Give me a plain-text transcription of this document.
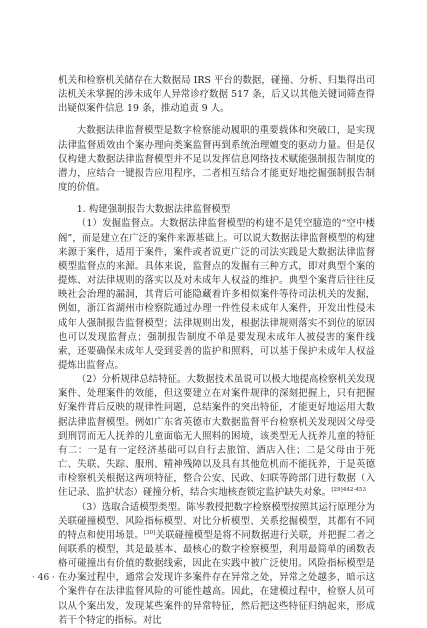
机关和检察机关储存在大数据局 IRS 平台的数据，碰撞、分析、归集得出司法机关未掌握的涉未成年人异常诊疗数据 517 条，后又以其他关键词筛查得出疑似案件信息 19 条，推动追责 9 人。

大数据法律监督模型是数字检察能动履职的重要载体和突破口，是实现法律监督质效由个案办理向类案监督再到系统治理嬗变的驱动力量。但是仅仅构建大数据法律监督模型并不足以发挥信息网络技术赋能强制报告制度的潜力，应结合一键报告应用程序，二者相互结合才能更好地挖掘强制报告制度的价值。

1. 构建强制报告大数据法律监督模型

（1）发掘监督点。大数据法律监督模型的构建不是凭空臆造的“空中楼阁”，而是建立在广泛的案件来源基础上。可以说大数据法律监督模型的构建来源于案件，适用于案件，案件或者说更广泛的司法实践是大数据法律监督模型监督点的来源。具体来说，监督点的发掘有三种方式，即对典型个案的提炼、对法律规则的落实以及对未成年人权益的维护。典型个案背后往往反映社会治理的漏洞，其背后可能隐藏着许多相似案件等待司法机关的发掘，例如，浙江省湖州市检察院通过办理一件性侵未成年人案件，开发出性侵未成年人强制报告监督模型；法律规则出发，根据法律规则落实不到位的原因也可以发现监督点；强制报告制度不单是要发现未成年人被侵害的案件线索，还要确保未成年人受到妥善的监护和照料，可以基于保护未成年人权益提炼出监督点。

（2）分析规律总结特征。大数据技术虽说可以极大地提高检察机关发现案件、处理案件的效能，但这要建立在对案件规律的深刻把握上，只有把握好案件背后反映的规律性问题，总结案件的突出特征，才能更好地运用大数据法律监督模型。例如广东省英德市大数据监督平台检察机关发现因父母受到刑罚而无人抚养的儿童面临无人照料的困境，该类型无人抚养儿童的特征有二：一是有一定经济基础可以自行去旅馆、酒店入住；二是父母由于死亡、失联、失踪、服刑、精神残障以及具有其他危机而不能抚养，于是英德市检察机关根据这两项特征，整合公安、民政、妇联等跨部门进行数据（入住记录、监护状态）碰撞分析，结合实地核查锁定监护缺失对象。$^{[29]442-453}$

（3）选取合适模型类型。陈岑教授把数字检察模型按照其运行原理分为关联碰撞模型、风险指标模型、对比分析模型、关系挖掘模型，其都有不同的特点和使用场景。[30]关联碰撞模型是将不同数据进行关联，并把握二者之间联系的模型，其是最基本、最核心的数字检察模型，利用最简单的函数表格可碰撞出有价值的数据线索，因此在实践中被广泛使用。风险指标模型是在办案过程中，通常会发现许多案件存在异常之处，异常之处越多，暗示这个案件存在法律监督风险的可能性越高。因此，在建模过程中，检察人员可以从个案出发，发现某些案件的异常特征，然后把这些特征归纳起来，形成若干个特定的指标。对比

· 46 ·
